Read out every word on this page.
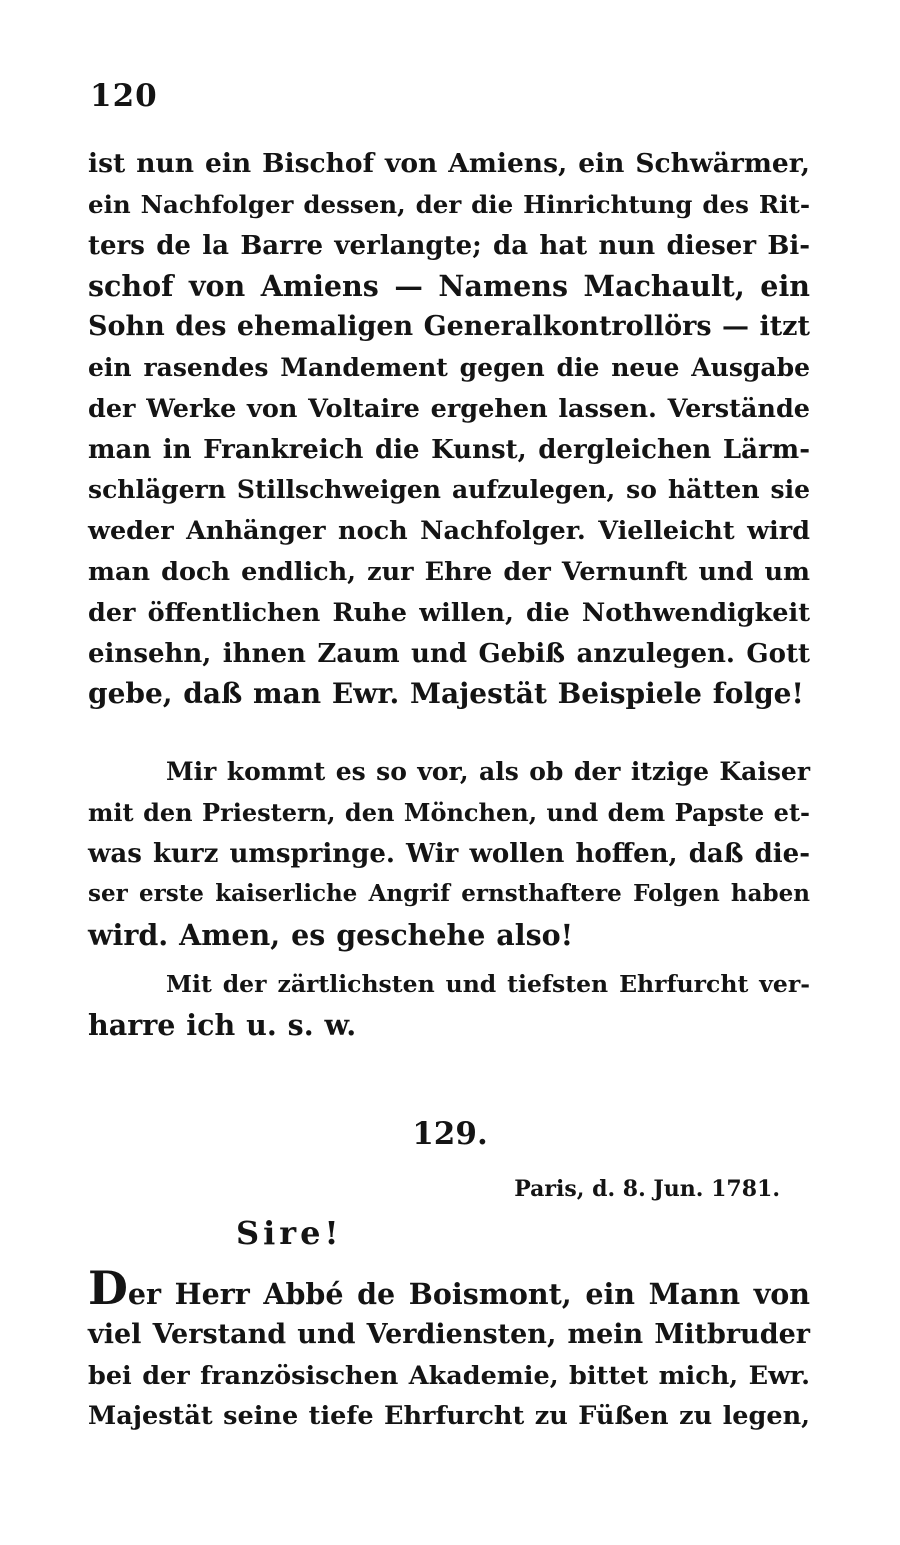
120
ist nun ein Bischof von Amiens, ein Schwärmer,
ein Nachfolger dessen, der die Hinrichtung des Rit-
ters de la Barre verlangte; da hat nun dieser Bi-
schof von Amiens — Namens Machault, ein
Sohn des ehemaligen Generalkontrollörs — itzt
ein rasendes Mandement gegen die neue Ausgabe
der Werke von Voltaire ergehen lassen. Verstände
man in Frankreich die Kunst, dergleichen Lärm-
schlägern Stillschweigen aufzulegen, so hätten sie
weder Anhänger noch Nachfolger. Vielleicht wird
man doch endlich, zur Ehre der Vernunft und um
der öffentlichen Ruhe willen, die Nothwendigkeit
einsehn, ihnen Zaum und Gebiß anzulegen. Gott
gebe, daß man Ewr. Majestät Beispiele folge!
Mir kommt es so vor, als ob der itzige Kaiser
mit den Priestern, den Mönchen, und dem Papste et-
was kurz umspringe. Wir wollen hoffen, daß die-
ser erste kaiserliche Angrif ernsthaftere Folgen haben
wird. Amen, es geschehe also!
Mit der zärtlichsten und tiefsten Ehrfurcht ver-
harre ich u. s. w.
129.
Paris, d. 8. Jun. 1781.
Sire!
Der Herr Abbé de Boismont, ein Mann von
viel Verstand und Verdiensten, mein Mitbruder
bei der französischen Akademie, bittet mich, Ewr.
Majestät seine tiefe Ehrfurcht zu Füßen zu legen,
